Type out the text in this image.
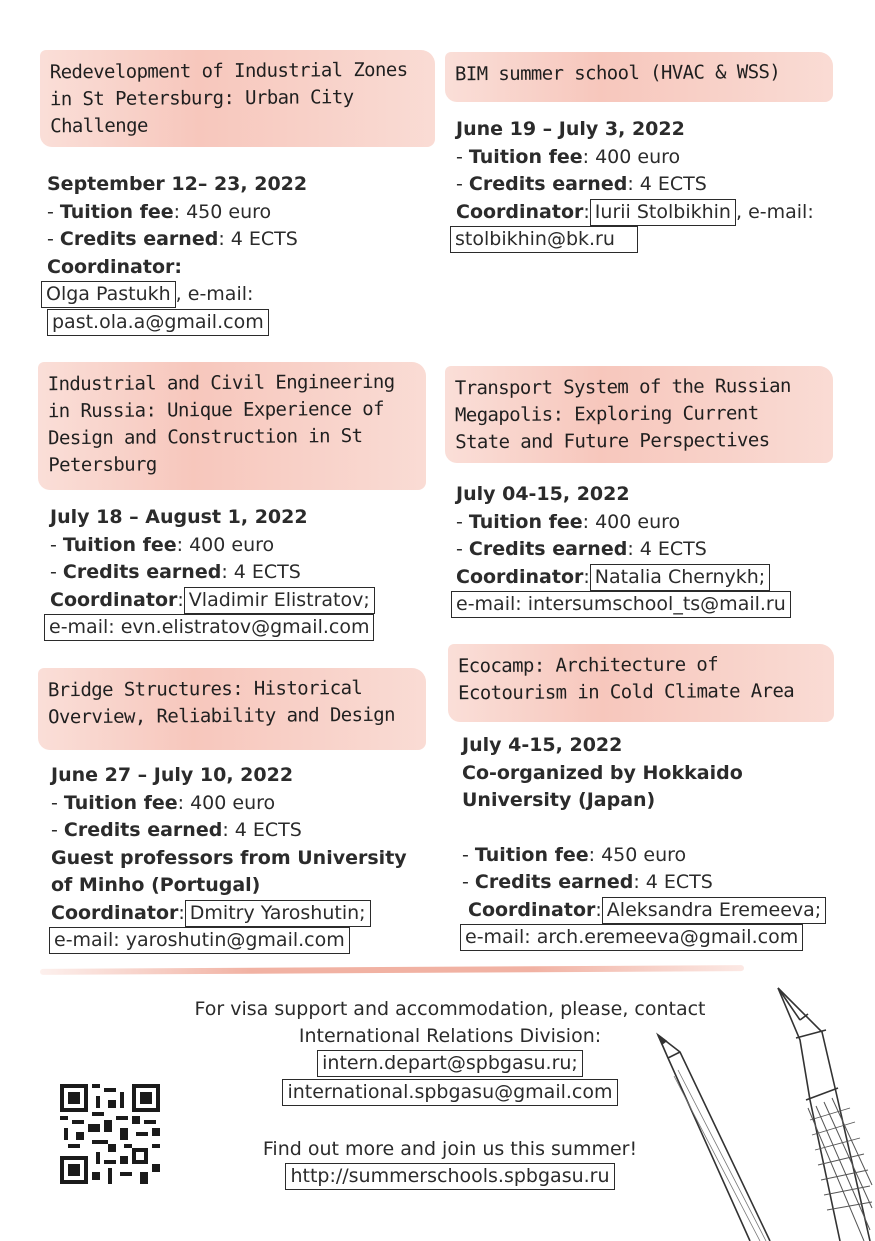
Redevelopment of Industrial Zones in St Petersburg: Urban City Challenge
September 12– 23, 2022
- Tuition fee: 450 euro
- Credits earned: 4 ECTS
Coordinator:
Olga Pastukh , e-mail:
past.ola.a@gmail.com
BIM summer school (HVAC & WSS)
June 19 – July 3, 2022
- Tuition fee: 400 euro
- Credits earned: 4 ECTS
Coordinator: Iurii Stolbikhin , e-mail:
stolbikhin@bk.ru
Industrial and Civil Engineering in Russia: Unique Experience of Design and Construction in St Petersburg
July 18 – August 1, 2022
- Tuition fee: 400 euro
- Credits earned: 4 ECTS
Coordinator: Vladimir Elistratov;
e-mail: evn.elistratov@gmail.com
Transport System of the Russian Megapolis: Exploring Current State and Future Perspectives
July 04-15, 2022
- Tuition fee: 400 euro
- Credits earned: 4 ECTS
Coordinator: Natalia Chernykh;
e-mail: intersumschool_ts@mail.ru
Bridge Structures: Historical Overview, Reliability and Design
June 27 – July 10, 2022
- Tuition fee: 400 euro
- Credits earned: 4 ECTS
Guest professors from University of Minho (Portugal)
Coordinator: Dmitry Yaroshutin;
e-mail: yaroshutin@gmail.com
Ecocamp: Architecture of Ecotourism in Cold Climate Area
July 4-15, 2022
Co-organized by Hokkaido University (Japan)
- Tuition fee: 450 euro
- Credits earned: 4 ECTS
Coordinator: Aleksandra Eremeeva;
e-mail: arch.eremeeva@gmail.com
For visa support and accommodation, please, contact
International Relations Division:
intern.depart@spbgasu.ru;
international.spbgasu@gmail.com
Find out more and join us this summer!
http://summerschools.spbgasu.ru
